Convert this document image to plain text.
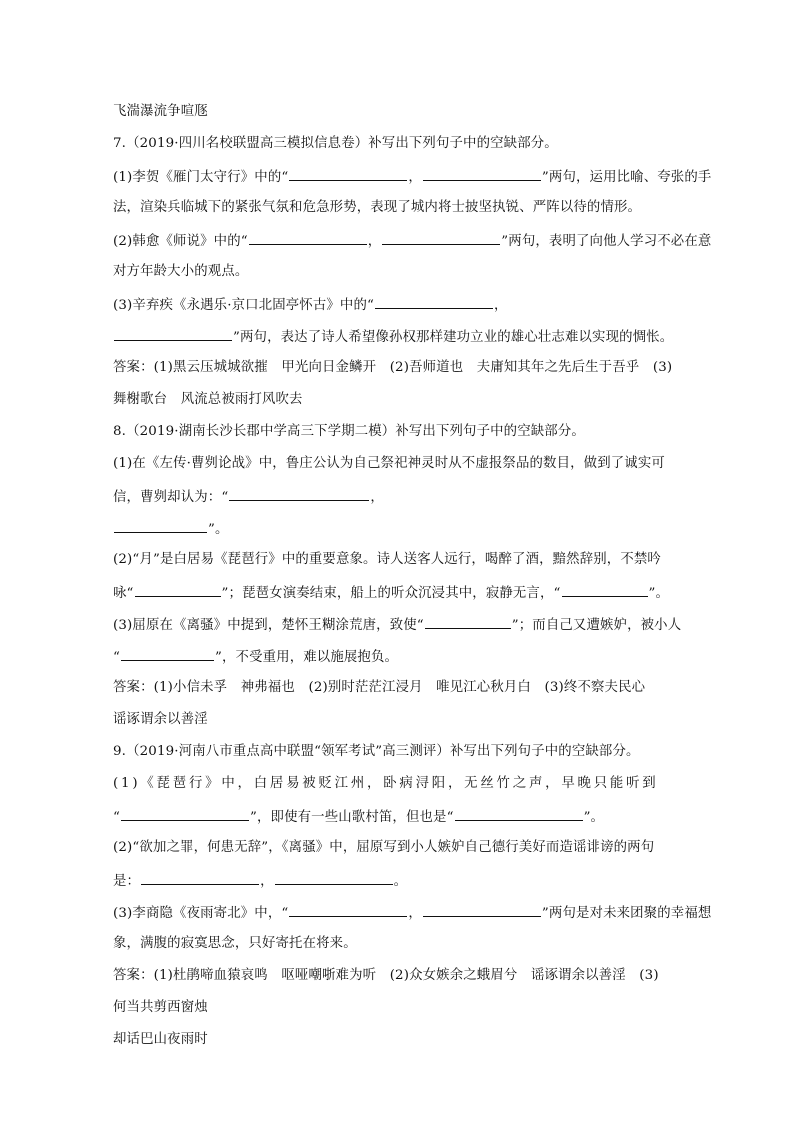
飞湍瀑流争喧豗
7.（2019·四川名校联盟高三模拟信息卷）补写出下列句子中的空缺部分。
(1)李贺《雁门太守行》中的“	，	”两句，运用比喻、夸张的手
法，渲染兵临城下的紧张气氛和危急形势，表现了城内将士披坚执锐、严阵以待的情形。
(2)韩愈《师说》中的“	，	”两句，表明了向他人学习不必在意
对方年龄大小的观点。
(3)辛弃疾《永遇乐·京口北固亭怀古》中的“	，
”两句，表达了诗人希望像孙权那样建功立业的雄心壮志难以实现的惆怅。
答案：(1)黑云压城城欲摧　甲光向日金鳞开　(2)吾师道也　夫庸知其年之先后生于吾乎　(3)
舞榭歌台　风流总被雨打风吹去
8.（2019·湖南长沙长郡中学高三下学期二模）补写出下列句子中的空缺部分。
(1)在《左传·曹刿论战》中，鲁庄公认为自己祭祀神灵时从不虚报祭品的数目，做到了诚实可
信，曹刿却认为：“	，
”。
(2)“月”是白居易《琵琶行》中的重要意象。诗人送客人远行，喝醉了酒，黯然辞别，不禁吟
咏“	”；琵琶女演奏结束，船上的听众沉浸其中，寂静无言，“	”。
(3)屈原在《离骚》中提到，楚怀王糊涂荒唐，致使“	”；而自己又遭嫉妒，被小人
“	”，不受重用，难以施展抱负。
答案：(1)小信未孚　神弗福也　(2)别时茫茫江浸月　唯见江心秋月白　(3)终不察夫民心
谣诼谓余以善淫
9.（2019·河南八市重点高中联盟“领军考试”高三测评）补写出下列句子中的空缺部分。
(1)《琵琶行》中，白居易被贬江州，卧病浔阳，无丝竹之声，早晚只能听到
“	”，即使有一些山歌村笛，但也是“	”。
(2)“欲加之罪，何患无辞”，《离骚》中，屈原写到小人嫉妒自己德行美好而造谣诽谤的两句
是：	，	。
(3)李商隐《夜雨寄北》中，“	，	”两句是对未来团聚的幸福想
象，满腹的寂寞思念，只好寄托在将来。
答案：(1)杜鹃啼血猿哀鸣　呕哑嘲哳难为听　(2)众女嫉余之蛾眉兮　谣诼谓余以善淫　(3)
何当共剪西窗烛
却话巴山夜雨时
